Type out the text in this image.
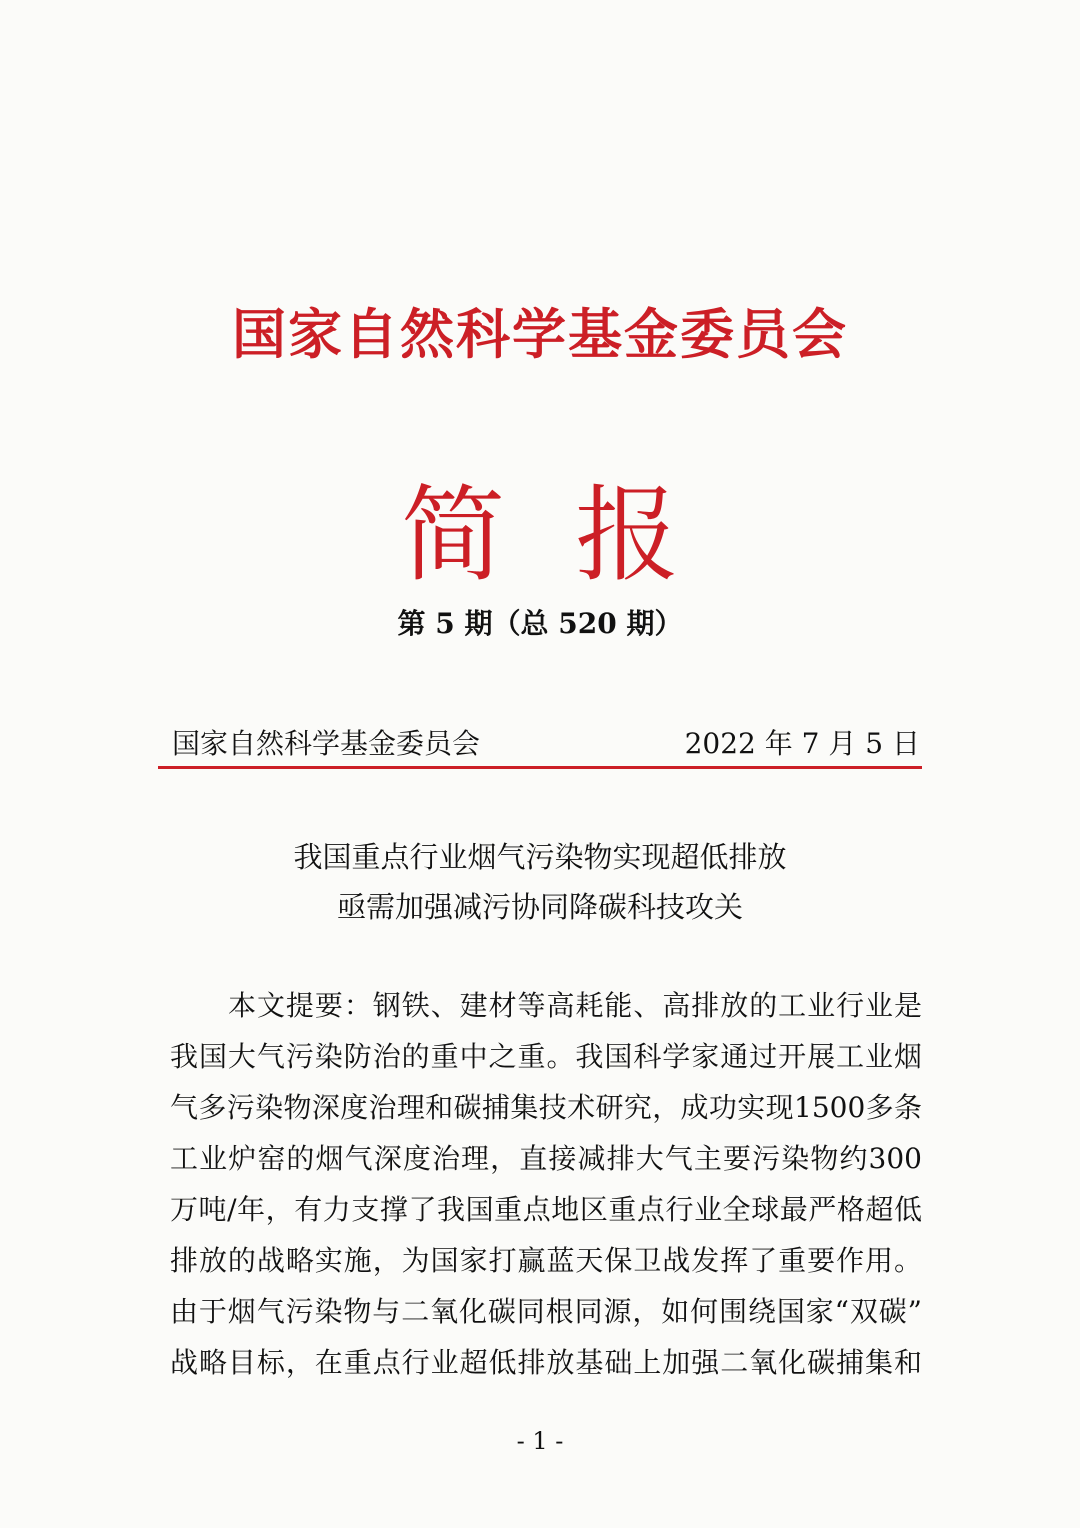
国家自然科学基金委员会
简报
第 5 期（总 520 期）
国家自然科学基金委员会	2022 年 7 月 5 日
我国重点行业烟气污染物实现超低排放
亟需加强减污协同降碳科技攻关
本文提要：钢铁、建材等高耗能、高排放的工业行业是
我国大气污染防治的重中之重。我国科学家通过开展工业烟
气多污染物深度治理和碳捕集技术研究，成功实现1500多条
工业炉窑的烟气深度治理，直接减排大气主要污染物约300
万吨/年，有力支撑了我国重点地区重点行业全球最严格超低
排放的战略实施，为国家打赢蓝天保卫战发挥了重要作用。
由于烟气污染物与二氧化碳同根同源，如何围绕国家“双碳”
战略目标，在重点行业超低排放基础上加强二氧化碳捕集和
- 1 -
